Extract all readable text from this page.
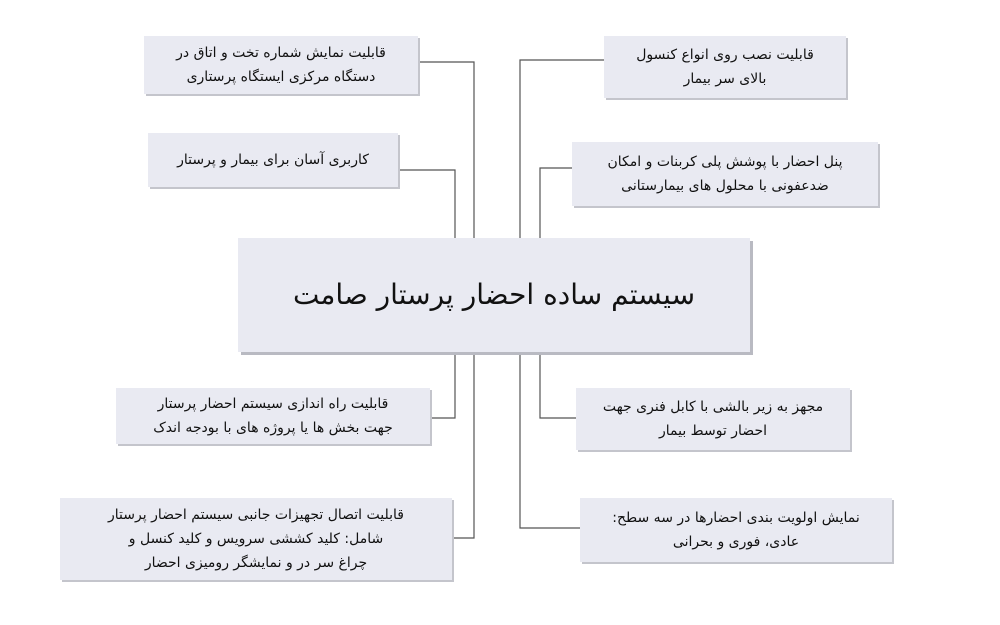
سیستم ساده احضار پرستار صامت
قابلیت نمایش شماره تخت و اتاق در
دستگاه مرکزی ایستگاه پرستاری
کاربری آسان برای بیمار و پرستار
قابلیت راه اندازی سیستم احضار پرستار
جهت بخش ها یا پروژه های با بودجه اندک
قابلیت اتصال تجهیزات جانبی سیستم احضار پرستار
شامل: کلید کششی سرویس و کلید کنسل و
چراغ سر در و نمایشگر رومیزی احضار
قابلیت نصب روی انواع کنسول
بالای سر بیمار
پنل احضار با پوشش پلی کربنات و امکان
ضدعفونی با محلول های بیمارستانی
مجهز به زیر بالشی با کابل فنری جهت
احضار توسط بیمار
نمایش اولویت بندی احضارها در سه سطح:
عادی، فوری و بحرانی
